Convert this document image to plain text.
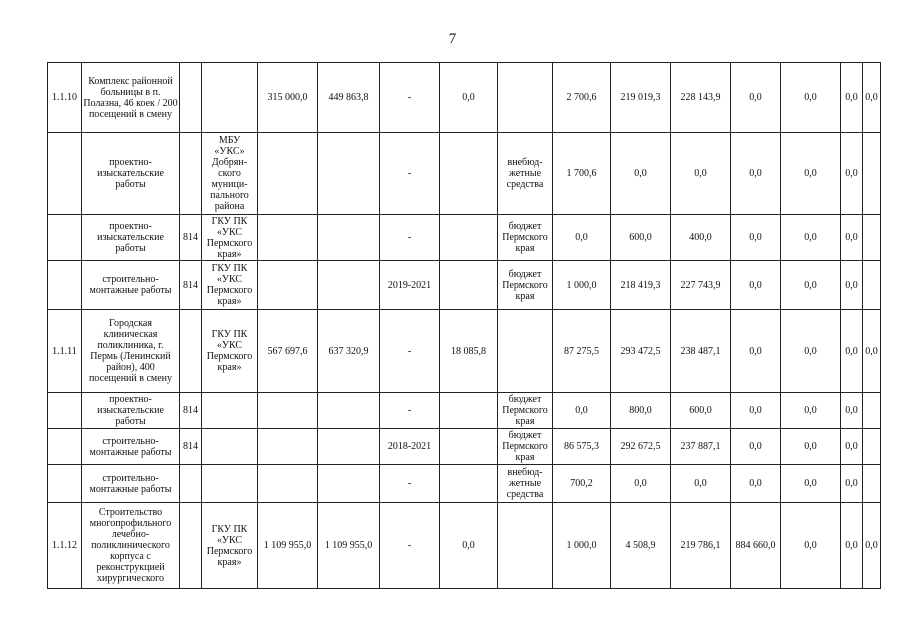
7
1.1.10	Комплекс районной больницы в п. Полазна, 46 коек / 200 посещений в смену			315 000,0	449 863,8	-	0,0		2 700,6	219 019,3	228 143,9	0,0	0,0	0,0	0,0
	проектно- изыскательские работы		МБУ «УКС» Добрян- ского муници- пального района			-		внебюд- жетные средства	1 700,6	0,0	0,0	0,0	0,0	0,0	
	проектно- изыскательские работы	814	ГКУ ПК «УКС Пермского края»			-		бюджет Пермского края	0,0	600,0	400,0	0,0	0,0	0,0	
	строительно- монтажные работы	814	ГКУ ПК «УКС Пермского края»			2019-2021		бюджет Пермского края	1 000,0	218 419,3	227 743,9	0,0	0,0	0,0	
1.1.11	Городская клиническая поликлиника, г. Пермь (Ленинский район), 400 посещений в смену		ГКУ ПК «УКС Пермского края»	567 697,6	637 320,9	-	18 085,8		87 275,5	293 472,5	238 487,1	0,0	0,0	0,0	0,0
	проектно- изыскательские работы	814				-		бюджет Пермского края	0,0	800,0	600,0	0,0	0,0	0,0	
	строительно- монтажные работы	814				2018-2021		бюджет Пермского края	86 575,3	292 672,5	237 887,1	0,0	0,0	0,0	
	строительно- монтажные работы					-		внебюд- жетные средства	700,2	0,0	0,0	0,0	0,0	0,0	
1.1.12	Строительство многопрофильного лечебно- поликлинического корпуса с реконструкцией хирургического		ГКУ ПК «УКС Пермского края»	1 109 955,0	1 109 955,0	-	0,0		1 000,0	4 508,9	219 786,1	884 660,0	0,0	0,0	0,0
